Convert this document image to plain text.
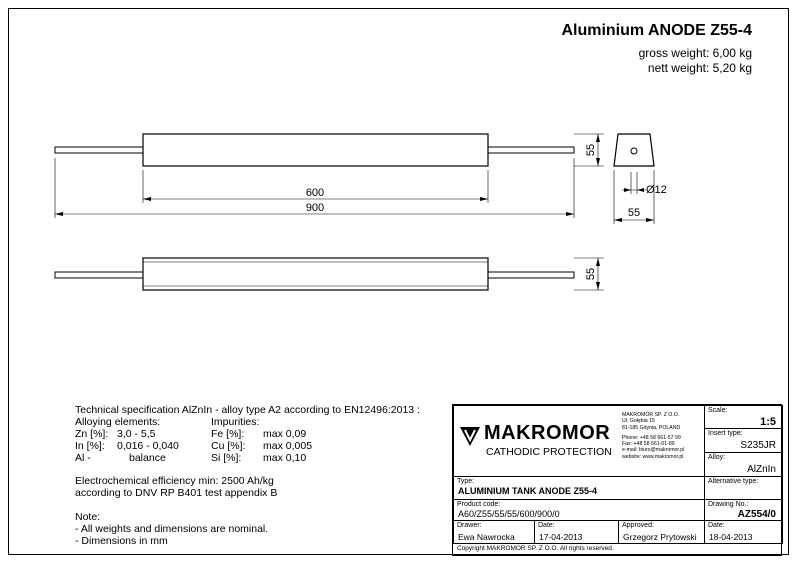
Aluminium ANODE Z55-4
gross weight: 6,00 kg
nett weight: 5,20 kg
600
900
55
55
Ø12
55
Technical specification AlZnIn - alloy type A2 according to EN12496:2013 :
Alloying elements:	Impurities:
Zn [%]: 3,0 - 5,5	Fe [%]:	max 0,09
In [%]:	0,016 - 0,040	Cu [%]:	max 0,005
Al -	balance	Si [%]:	max 0,10
Electrochemical efficiency min: 2500 Ah/kg
according to DNV RP B401 test appendix B
Note:
- All weights and dimensions are nominal.
- Dimensions in mm
MAKROMOR
CATHODIC PROTECTION
MAKROMOR SP. Z O.O.
Ul. Gołębia 15
81-185 Gdynia, POLAND
Phone: +48 58 661-57 99
Fax: +48 58 661-01-89
e-mail: biuro@makromor.pl
website: www.makromor.pl
Scale:
1:5
Insert type:
S235JR
Alloy:
AlZnIn
Type:
ALUMINIUM TANK ANODE Z55-4
Alternative type:
Product code:
A60/Z55/55/55/600/900/0
Drawing No.:
AZ554/0
Drawer:
Ewa Nawrocka
Date:
17-04-2013
Approved:
Grzegorz Prytowski
Date:
18-04-2013
Copyright MAKROMOR SP. Z O.O. All rights reserved.
